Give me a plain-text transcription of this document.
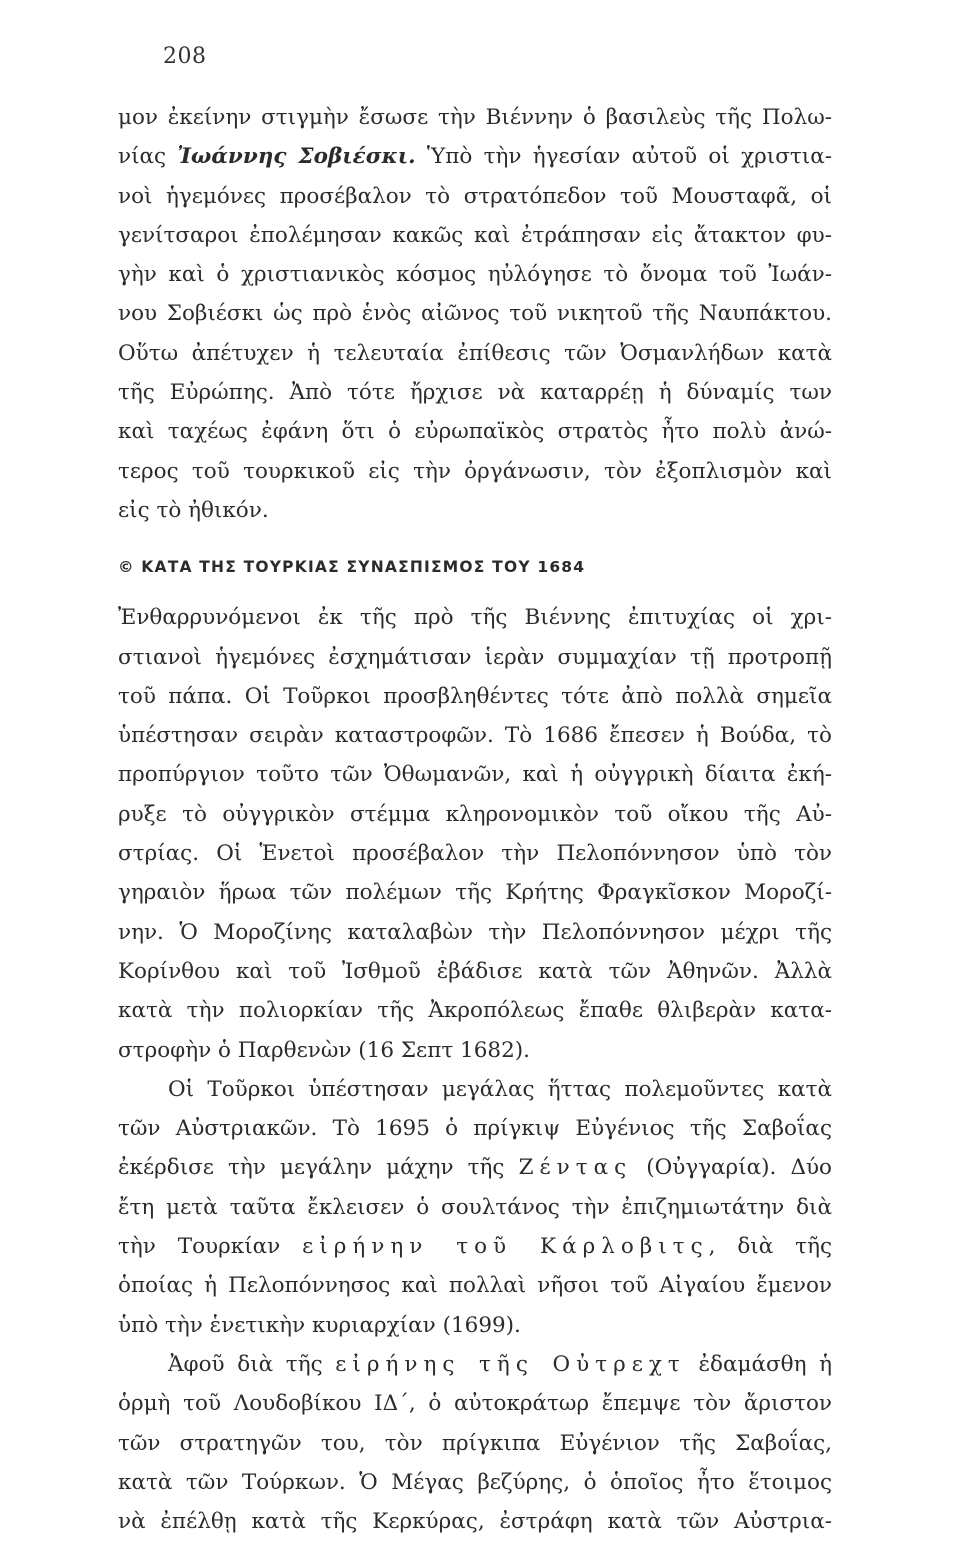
208
μον ἐκείνην στιγμὴν ἔσωσε τὴν Βιέννην ὁ βασιλεὺς τῆς Πολω-
νίας Ἰωάννης Σοβιέσκι. Ὑπὸ τὴν ἡγεσίαν αὐτοῦ οἱ χριστια-
νοὶ ἡγεμόνες προσέβαλον τὸ στρατόπεδον τοῦ Μουσταφᾶ, οἱ
γενίτσαροι ἐπολέμησαν κακῶς καὶ ἐτράπησαν εἰς ἄτακτον φυ-
γὴν καὶ ὁ χριστιανικὸς κόσμος ηὐλόγησε τὸ ὄνομα τοῦ Ἰωάν-
νου Σοβιέσκι ὡς πρὸ ἑνὸς αἰῶνος τοῦ νικητοῦ τῆς Ναυπάκτου.
Οὕτω ἀπέτυχεν ἡ τελευταία ἐπίθεσις τῶν Ὀσμανλήδων κατὰ
τῆς Εὐρώπης. Ἀπὸ τότε ἤρχισε νὰ καταρρέῃ ἡ δύναμίς των
καὶ ταχέως ἐφάνη ὅτι ὁ εὐρωπαϊκὸς στρατὸς ἦτο πολὺ ἀνώ-
τερος τοῦ τουρκικοῦ εἰς τὴν ὀργάνωσιν, τὸν ἐξοπλισμὸν καὶ
εἰς τὸ ἠθικόν.
© ΚΑΤΑ ΤΗΣ ΤΟΥΡΚΙΑΣ ΣΥΝΑΣΠΙΣΜΟΣ ΤΟΥ 1684
Ἐνθαρρυνόμενοι ἐκ τῆς πρὸ τῆς Βιέννης ἐπιτυχίας οἱ χρι-
στιανοὶ ἡγεμόνες ἐσχημάτισαν ἱερὰν συμμαχίαν τῇ προτροπῇ
τοῦ πάπα. Οἱ Τοῦρκοι προσβληθέντες τότε ἀπὸ πολλὰ σημεῖα
ὑπέστησαν σειρὰν καταστροφῶν. Τὸ 1686 ἔπεσεν ἡ Βούδα, τὸ
προπύργιον τοῦτο τῶν Ὀθωμανῶν, καὶ ἡ οὐγγρικὴ δίαιτα ἐκή-
ρυξε τὸ οὐγγρικὸν στέμμα κληρονομικὸν τοῦ οἴκου τῆς Αὐ-
στρίας. Οἱ Ἑνετοὶ προσέβαλον τὴν Πελοπόννησον ὑπὸ τὸν
γηραιὸν ἥρωα τῶν πολέμων τῆς Κρήτης Φραγκῖσκον Μοροζί-
νην. Ὁ Μοροζίνης καταλαβὼν τὴν Πελοπόννησον μέχρι τῆς
Κορίνθου καὶ τοῦ Ἰσθμοῦ ἐβάδισε κατὰ τῶν Ἀθηνῶν. Ἀλλὰ
κατὰ τὴν πολιορκίαν τῆς Ἀκροπόλεως ἔπαθε θλιβερὰν κατα-
στροφὴν ὁ Παρθενὼν (16 Σεπτ 1682).
Οἱ Τοῦρκοι ὑπέστησαν μεγάλας ἥττας πολεμοῦντες κατὰ
τῶν Αὐστριακῶν. Τὸ 1695 ὁ πρίγκιψ Εὐγένιος τῆς Σαβοΐας
ἐκέρδισε τὴν μεγάλην μάχην τῆς Ζέντας (Οὐγγαρία). Δύο
ἔτη μετὰ ταῦτα ἔκλεισεν ὁ σουλτάνος τὴν ἐπιζημιωτάτην διὰ
τὴν Τουρκίαν εἰρήνην τοῦ Κάρλοβιτς, διὰ τῆς
ὁποίας ἡ Πελοπόννησος καὶ πολλαὶ νῆσοι τοῦ Αἰγαίου ἔμενον
ὑπὸ τὴν ἑνετικὴν κυριαρχίαν (1699).
Ἀφοῦ διὰ τῆς εἰρήνης τῆς Οὐτρεχτ ἐδαμάσθη ἡ
ὁρμὴ τοῦ Λουδοβίκου ΙΔ΄, ὁ αὐτοκράτωρ ἔπεμψε τὸν ἄριστον
τῶν στρατηγῶν του, τὸν πρίγκιπα Εὐγένιον τῆς Σαβοΐας,
κατὰ τῶν Τούρκων. Ὁ Μέγας βεζύρης, ὁ ὁποῖος ἦτο ἕτοιμος
νὰ ἐπέλθῃ κατὰ τῆς Κερκύρας, ἐστράφη κατὰ τῶν Αὐστρια-
